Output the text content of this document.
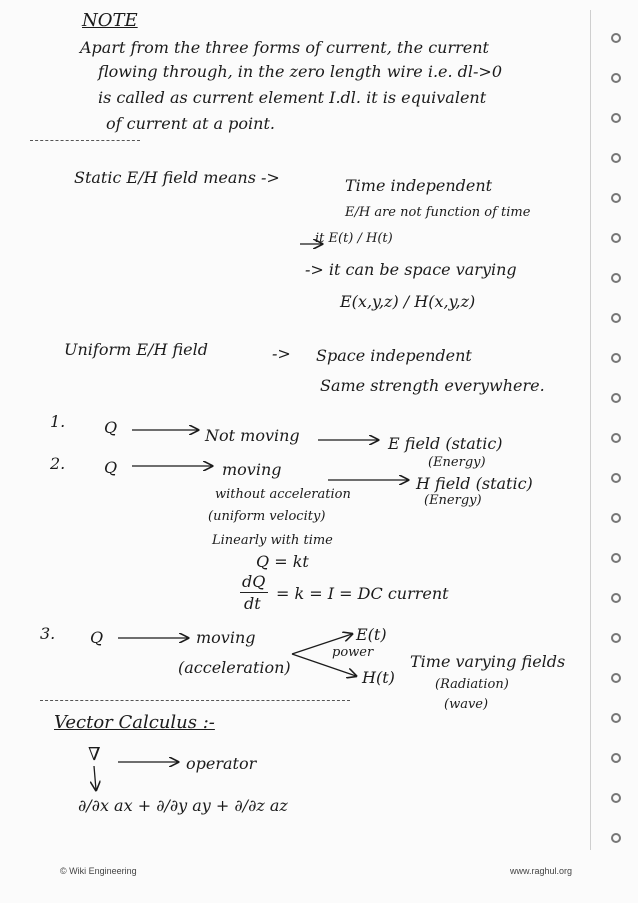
NOTE
Apart from the three forms of current, the current
flowing through, in the zero length wire i.e. dl->0
is called as current element I.dl. it is equivalent
of current at a point.
Static E/H field means ->	Time independent
E/H are not function of time
it E(t) / H(t)
-> it can be space varying
E(x,y,z) / H(x,y,z)
Uniform E/H field	-> Space independent
Same strength everywhere.
1. Q	Not moving	E field (static)
(Energy)
2. Q	moving
H field (static)
(Energy)
without acceleration
(uniform velocity)
Linearly with time
Q = kt
dQ
dt
= k = I = DC current
3. Q	moving
(acceleration)
power
E(t)
H(t)
Time varying fields
(Radiation)
(wave)
Vector Calculus :-
∇	operator
∂/∂x ax + ∂/∂y ay + ∂/∂z az
© Wiki Engineering	www.raghul.org
